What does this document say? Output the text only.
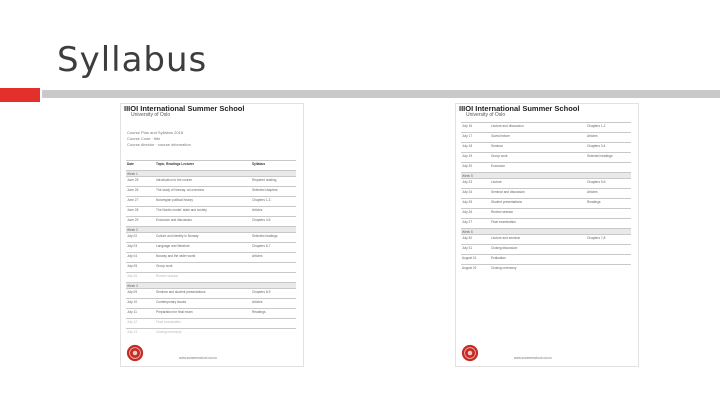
Syllabus
IIIOI International Summer School
University of Oslo
Course Plan and Syllabus 2018
Course Code · title
Course director · course information
Date	Topic, Readings Lecturer	Syllabus
Week 1
June 25	Introduction to the course	Required reading
June 26	The study of Norway: an overview	Selected chapters
June 27	Norwegian political history	Chapters 1-3
June 28	The Nordic model: state and society	Articles
June 29	Excursion and discussion	Chapters 4-5
Week 2
July 02	Culture and identity in Norway	Selected readings
July 03	Language and literature	Chapters 6-7
July 04	Norway and the wider world	Articles
July 05	Group work
July 06	Review session
Week 3
July 09	Seminar and student presentations	Chapters 8-9
July 10	Contemporary issues	Articles
July 11	Preparation for final exam	Readings
July 12	Final examination
July 13	Closing ceremony
www.summerschool.uio.no
IIIOI International Summer School
University of Oslo
July 16	Lecture and discussion	Chapters 1-2
July 17	Guest lecture	Articles
July 18	Seminar	Chapters 3-4
July 19	Group work	Selected readings
July 20	Excursion
Week 5
July 23	Lecture	Chapters 5-6
July 24	Seminar and discussion	Articles
July 25	Student presentations	Readings
July 26	Review session
July 27	Final examination
Week 6
July 30	Lecture and seminar	Chapters 7-8
July 31	Closing discussion
August 01	Evaluation
August 02	Closing ceremony
www.summerschool.uio.no
